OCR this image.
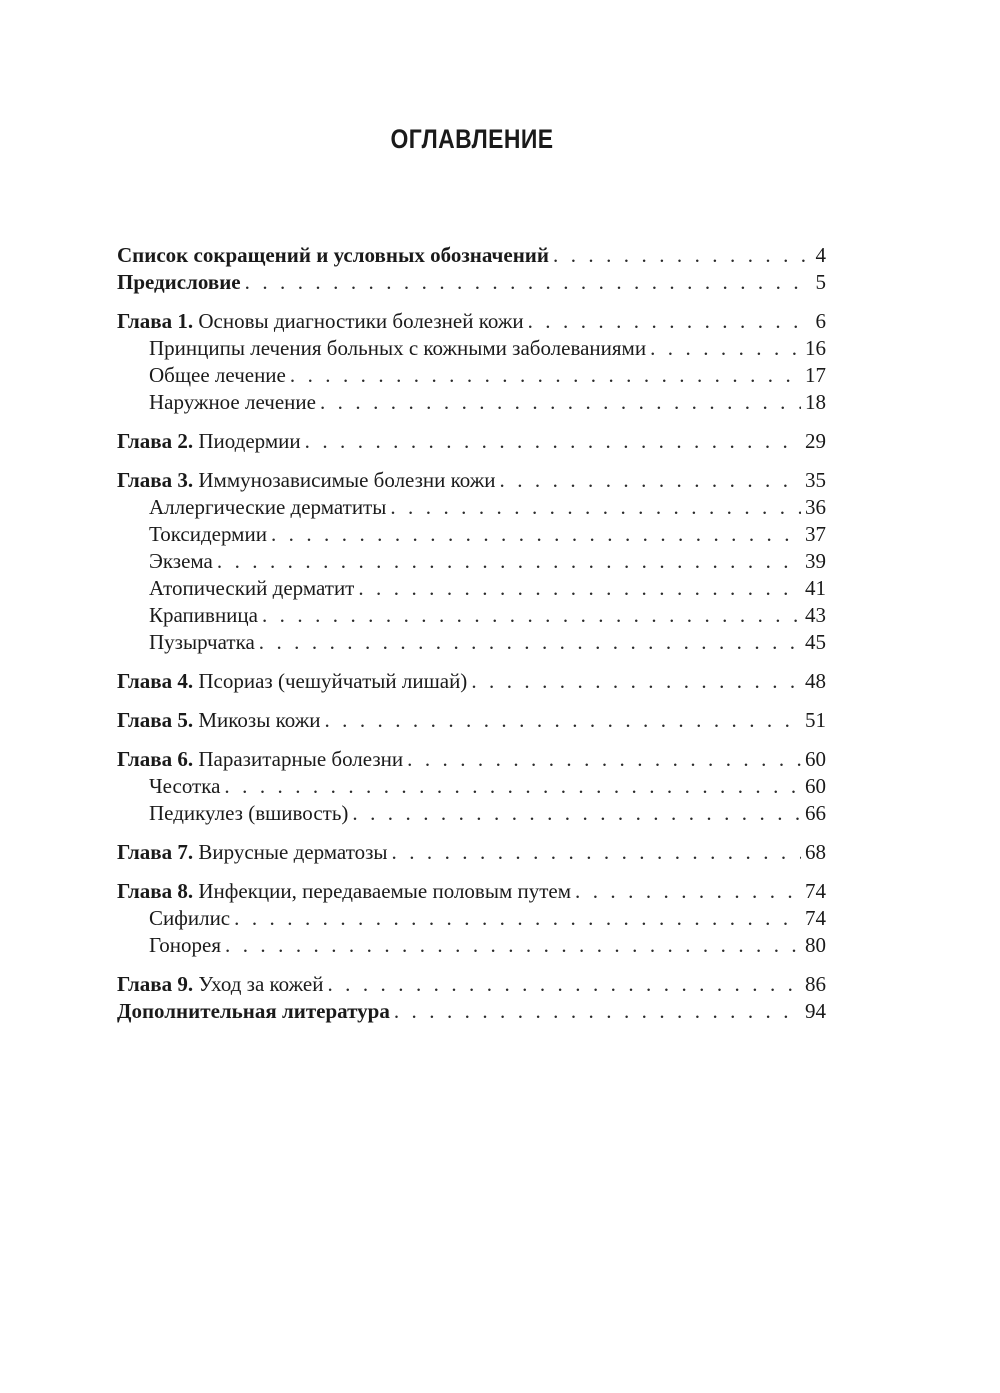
ОГЛАВЛЕНИЕ
Список сокращений и условных обозначений . . .	4
Предисловие . . .	5
Глава 1. Основы диагностики болезней кожи . . .	6
Принципы лечения больных с кожными заболеваниями . . .	16
Общее лечение . . .	17
Наружное лечение . . .	18
Глава 2. Пиодермии . . .	29
Глава 3. Иммунозависимые болезни кожи . . .	35
Аллергические дерматиты . . .	36
Токсидермии . . .	37
Экзема . . .	39
Атопический дерматит . . .	41
Крапивница . . .	43
Пузырчатка . . .	45
Глава 4. Псориаз (чешуйчатый лишай) . . .	48
Глава 5. Микозы кожи . . .	51
Глава 6. Паразитарные болезни . . .	60
Чесотка . . .	60
Педикулез (вшивость) . . .	66
Глава 7. Вирусные дерматозы . . .	68
Глава 8. Инфекции, передаваемые половым путем . . .	74
Сифилис . . .	74
Гонорея . . .	80
Глава 9. Уход за кожей . . .	86
Дополнительная литература . . .	94
